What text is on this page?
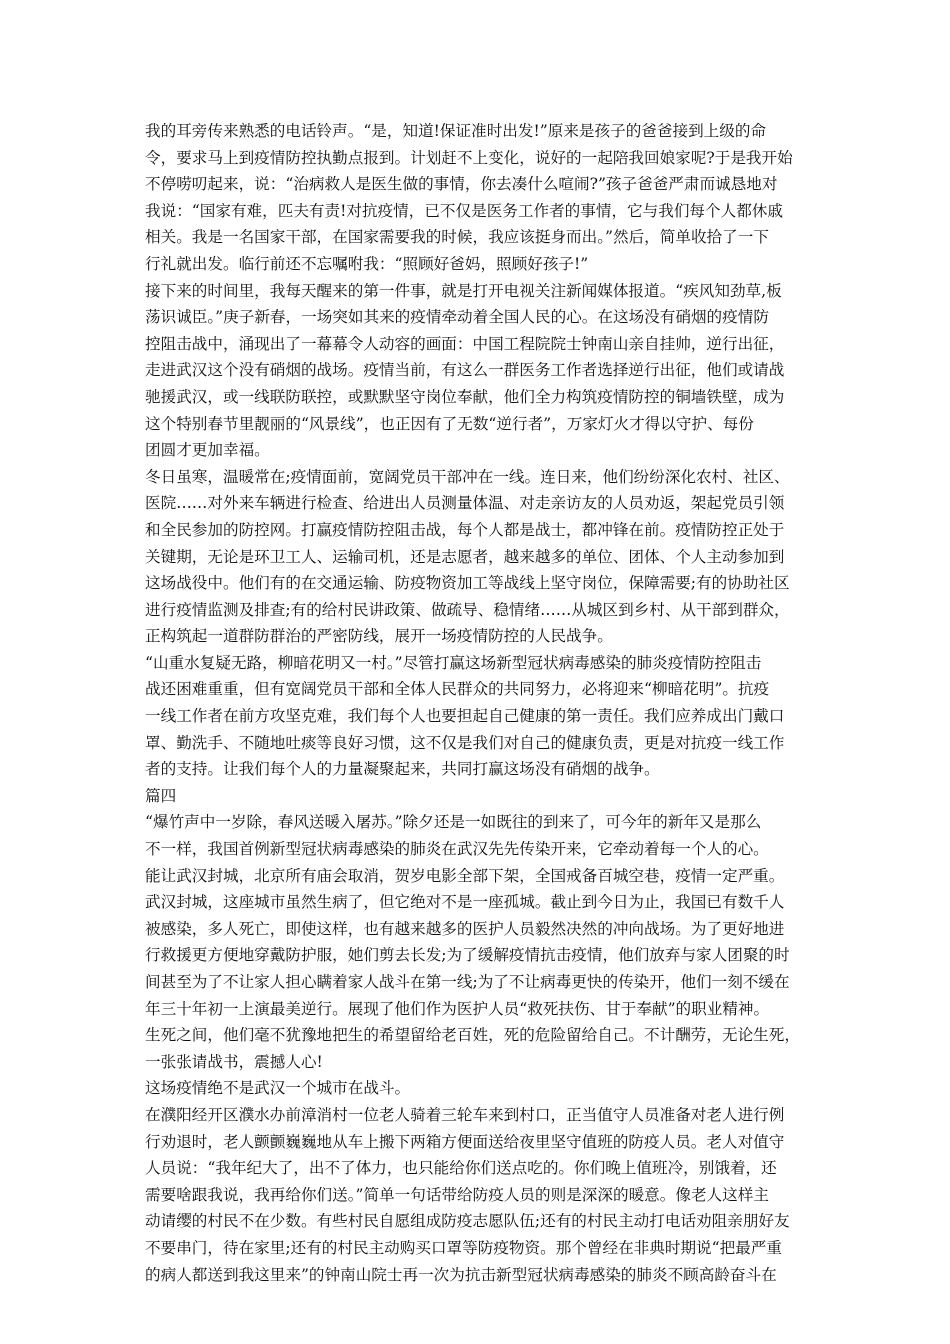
我的耳旁传来熟悉的电话铃声。“是，知道!保证准时出发!”原来是孩子的爸爸接到上级的命
令，要求马上到疫情防控执勤点报到。计划赶不上变化，说好的一起陪我回娘家呢?于是我开始
不停唠叨起来，说：“治病救人是医生做的事情，你去凑什么喧闹?”孩子爸爸严肃而诚恳地对
我说：“国家有难，匹夫有责!对抗疫情，已不仅是医务工作者的事情，它与我们每个人都休戚
相关。我是一名国家干部，在国家需要我的时候，我应该挺身而出。”然后，简单收拾了一下
行礼就出发。临行前还不忘嘱咐我：“照顾好爸妈，照顾好孩子!”

接下来的时间里，我每天醒来的第一件事，就是打开电视关注新闻媒体报道。“疾风知劲草,板
荡识诚臣。”庚子新春，一场突如其来的疫情牵动着全国人民的心。在这场没有硝烟的疫情防
控阻击战中，涌现出了一幕幕令人动容的画面：中国工程院院士钟南山亲自挂帅，逆行出征，
走进武汉这个没有硝烟的战场。疫情当前，有这么一群医务工作者选择逆行出征，他们或请战
驰援武汉，或一线联防联控，或默默坚守岗位奉献，他们全力构筑疫情防控的铜墙铁壁，成为
这个特别春节里靓丽的“风景线”，也正因有了无数“逆行者”，万家灯火才得以守护、每份
团圆才更加幸福。

冬日虽寒，温暖常在;疫情面前，宽阔党员干部冲在一线。连日来，他们纷纷深化农村、社区、
医院……对外来车辆进行检查、给进出人员测量体温、对走亲访友的人员劝返，架起党员引领
和全民参加的防控网。打赢疫情防控阻击战，每个人都是战士，都冲锋在前。疫情防控正处于
关键期，无论是环卫工人、运输司机，还是志愿者，越来越多的单位、团体、个人主动参加到
这场战役中。他们有的在交通运输、防疫物资加工等战线上坚守岗位，保障需要;有的协助社区
进行疫情监测及排查;有的给村民讲政策、做疏导、稳情绪……从城区到乡村、从干部到群众，
正构筑起一道群防群治的严密防线，展开一场疫情防控的人民战争。

“山重水复疑无路，柳暗花明又一村。”尽管打赢这场新型冠状病毒感染的肺炎疫情防控阻击
战还困难重重，但有宽阔党员干部和全体人民群众的共同努力，必将迎来“柳暗花明”。抗疫
一线工作者在前方攻坚克难，我们每个人也要担起自己健康的第一责任。我们应养成出门戴口
罩、勤洗手、不随地吐痰等良好习惯，这不仅是我们对自己的健康负责，更是对抗疫一线工作
者的支持。让我们每个人的力量凝聚起来，共同打赢这场没有硝烟的战争。

篇四

“爆竹声中一岁除，春风送暖入屠苏。”除夕还是一如既往的到来了，可今年的新年又是那么
不一样，我国首例新型冠状病毒感染的肺炎在武汉先先传染开来，它牵动着每一个人的心。

能让武汉封城，北京所有庙会取消，贺岁电影全部下架，全国戒备百城空巷，疫情一定严重。

武汉封城，这座城市虽然生病了，但它绝对不是一座孤城。截止到今日为止，我国已有数千人
被感染，多人死亡，即使这样，也有越来越多的医护人员毅然决然的冲向战场。为了更好地进
行救援更方便地穿戴防护服，她们剪去长发;为了缓解疫情抗击疫情，他们放弃与家人团聚的时
间甚至为了不让家人担心瞒着家人战斗在第一线;为了不让病毒更快的传染开，他们一刻不缓在
年三十年初一上演最美逆行。展现了他们作为医护人员“救死扶伤、甘于奉献”的职业精神。
生死之间，他们毫不犹豫地把生的希望留给老百姓，死的危险留给自己。不计酬劳，无论生死，
一张张请战书，震撼人心!

这场疫情绝不是武汉一个城市在战斗。

在濮阳经开区濮水办前漳消村一位老人骑着三轮车来到村口，正当值守人员准备对老人进行例
行劝退时，老人颤颤巍巍地从车上搬下两箱方便面送给夜里坚守值班的防疫人员。老人对值守
人员说：“我年纪大了，出不了体力，也只能给你们送点吃的。你们晚上值班冷，别饿着，还
需要啥跟我说，我再给你们送。”简单一句话带给防疫人员的则是深深的暖意。像老人这样主
动请缨的村民不在少数。有些村民自愿组成防疫志愿队伍;还有的村民主动打电话劝阻亲朋好友
不要串门，待在家里;还有的村民主动购买口罩等防疫物资。那个曾经在非典时期说“把最严重
的病人都送到我这里来”的钟南山院士再一次为抗击新型冠状病毒感染的肺炎不顾高龄奋斗在
